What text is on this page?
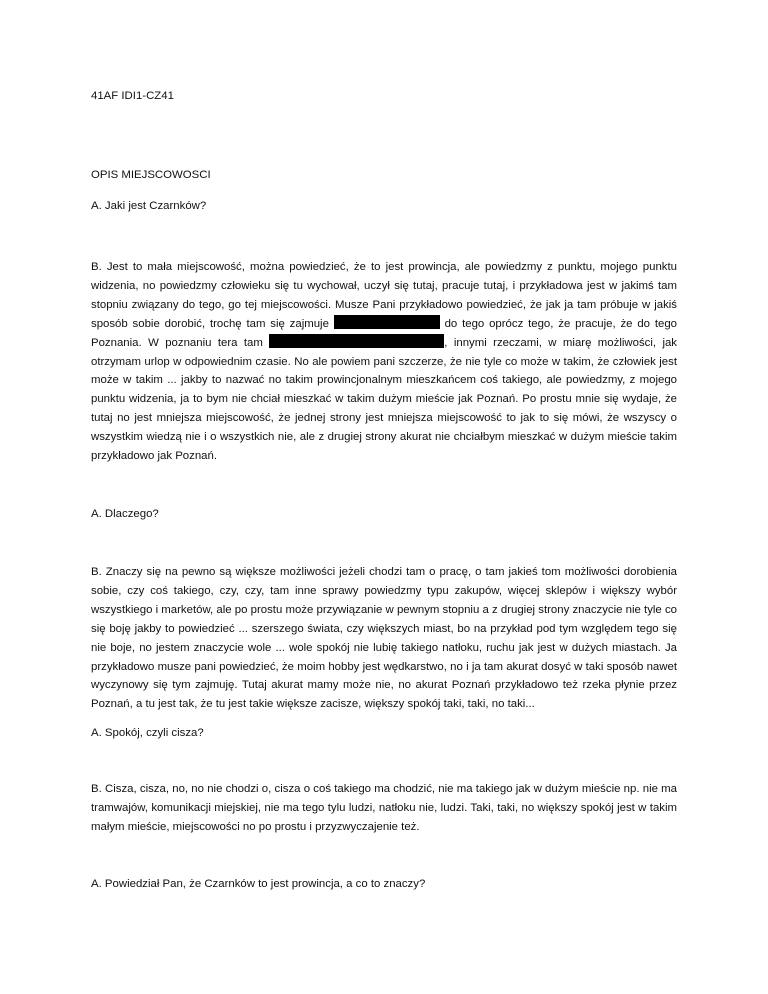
41AF IDI1-CZ41

OPIS MIEJSCOWOSCI

A. Jaki jest Czarnków?

B. Jest to mała miejscowość, można powiedzieć, że to jest prowincja, ale powiedzmy z punktu, mojego punktu widzenia, no powiedzmy człowieku się tu wychował, uczył się tutaj, pracuje tutaj, i przykładowa jest w jakimś tam stopniu związany do tego, go tej miejscowości. Musze Pani przykładowo powiedzieć, że jak ja tam próbuje w jakiś sposób sobie dorobić, trochę tam się zajmuje	do tego oprócz tego, że pracuje, że do tego Poznania. W poznaniu tera tam	, innymi rzeczami, w miarę możliwości, jak otrzymam urlop w odpowiednim czasie. No ale powiem pani szczerze, że nie tyle co może w takim, że człowiek jest może w takim ... jakby to nazwać no takim prowincjonalnym mieszkańcem coś takiego, ale powiedzmy, z mojego punktu widzenia, ja to bym nie chciał mieszkać w takim dużym mieście jak Poznań. Po prostu mnie się wydaje, że tutaj no jest mniejsza miejscowość, że jednej strony jest mniejsza miejscowość to jak to się mówi, że wszyscy o wszystkim wiedzą nie i o wszystkich nie, ale z drugiej strony akurat nie chciałbym mieszkać w dużym mieście takim przykładowo jak Poznań.

A. Dlaczego?

B. Znaczy się na pewno są większe możliwości jeżeli chodzi tam o pracę, o tam jakieś tom możliwości dorobienia sobie, czy coś takiego, czy, czy, tam inne sprawy powiedzmy typu zakupów, więcej sklepów i większy wybór wszystkiego i marketów, ale po prostu może przywiązanie w pewnym stopniu a z drugiej strony znaczycie nie tyle co się boję jakby to powiedzieć ... szerszego świata, czy większych miast, bo na przykład pod tym względem tego się nie boje, no jestem znaczycie wole ... wole spokój nie lubię takiego natłoku, ruchu jak jest w dużych miastach. Ja przykładowo musze pani powiedzieć, że moim hobby jest wędkarstwo, no i ja tam akurat dosyć w taki sposób nawet wyczynowy się tym zajmuję. Tutaj akurat mamy może nie, no akurat Poznań przykładowo też rzeka płynie przez Poznań, a tu jest tak, że tu jest takie większe zacisze, większy spokój taki, taki, no taki...

A. Spokój, czyli cisza?

B. Cisza, cisza, no, no nie chodzi o, cisza o coś takiego ma chodzić, nie ma takiego jak w dużym mieście np. nie ma tramwajów, komunikacji miejskiej, nie ma tego tylu ludzi, natłoku nie, ludzi. Taki, taki, no większy spokój jest w takim małym mieście, miejscowości no po prostu i przyzwyczajenie też.

A. Powiedział Pan, że Czarnków to jest prowincja, a co to znaczy?
